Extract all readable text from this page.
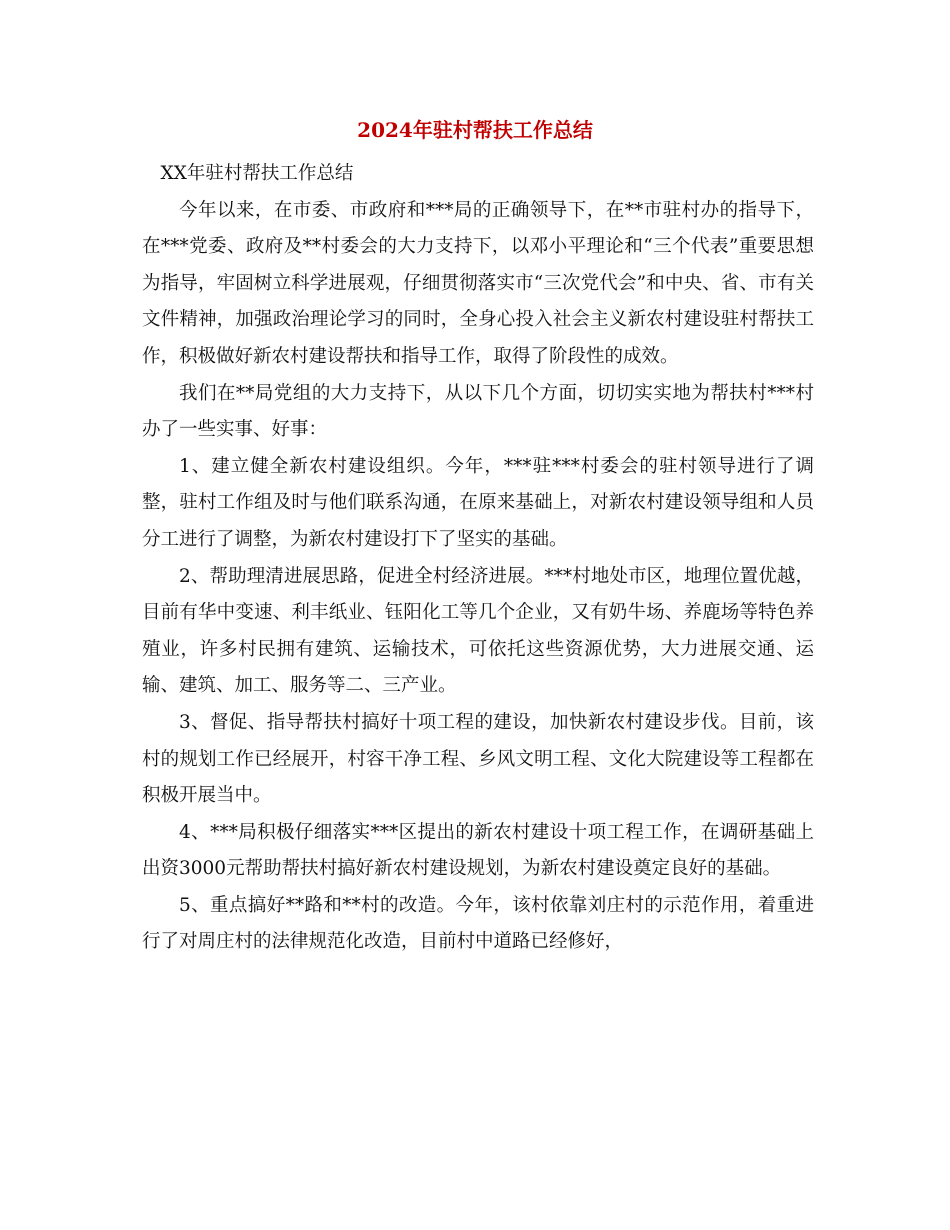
2024年驻村帮扶工作总结

XX年驻村帮扶工作总结

今年以来，在市委、市政府和***局的正确领导下，在**市驻村办的指导下，在***党委、政府及**村委会的大力支持下，以邓小平理论和“三个代表”重要思想为指导，牢固树立科学进展观，仔细贯彻落实市“三次党代会”和中央、省、市有关文件精神，加强政治理论学习的同时，全身心投入社会主义新农村建设驻村帮扶工作，积极做好新农村建设帮扶和指导工作，取得了阶段性的成效。

我们在**局党组的大力支持下，从以下几个方面，切切实实地为帮扶村***村办了一些实事、好事：

1、建立健全新农村建设组织。今年，***驻***村委会的驻村领导进行了调整，驻村工作组及时与他们联系沟通，在原来基础上，对新农村建设领导组和人员分工进行了调整，为新农村建设打下了坚实的基础。

2、帮助理清进展思路，促进全村经济进展。***村地处市区，地理位置优越，目前有华中变速、利丰纸业、钰阳化工等几个企业，又有奶牛场、养鹿场等特色养殖业，许多村民拥有建筑、运输技术，可依托这些资源优势，大力进展交通、运输、建筑、加工、服务等二、三产业。

3、督促、指导帮扶村搞好十项工程的建设，加快新农村建设步伐。目前，该村的规划工作已经展开，村容干净工程、乡风文明工程、文化大院建设等工程都在积极开展当中。

4、***局积极仔细落实***区提出的新农村建设十项工程工作，在调研基础上出资3000元帮助帮扶村搞好新农村建设规划，为新农村建设奠定良好的基础。

5、重点搞好**路和**村的改造。今年，该村依靠刘庄村的示范作用，着重进行了对周庄村的法律规范化改造，目前村中道路已经修好，
